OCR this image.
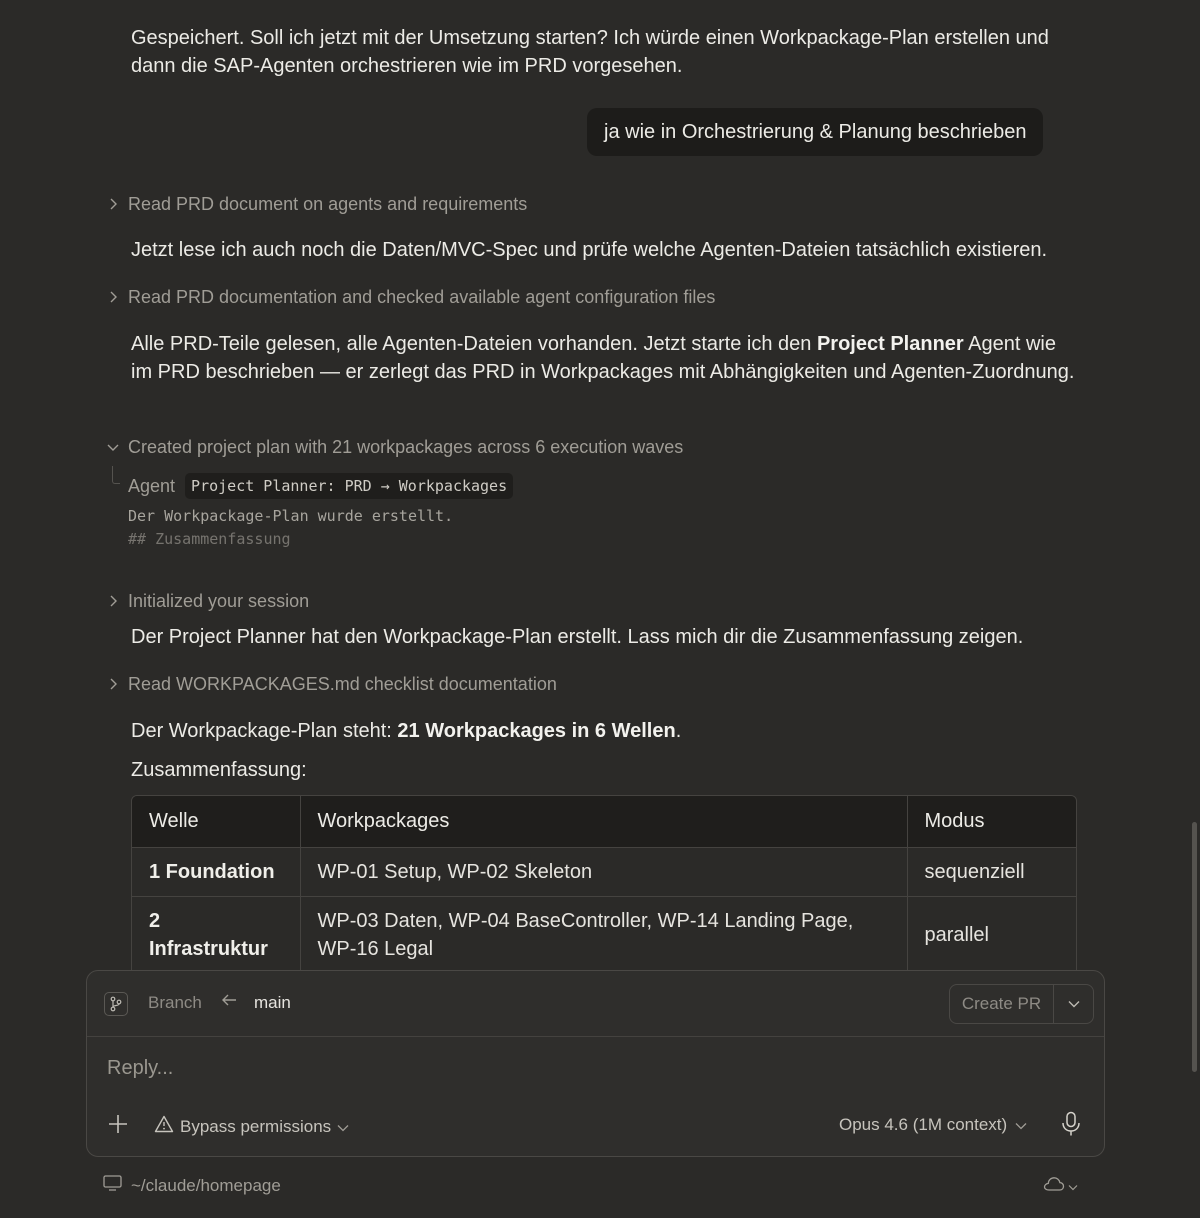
Gespeichert. Soll ich jetzt mit der Umsetzung starten? Ich würde einen Workpackage-Plan erstellen und dann die SAP-Agenten orchestrieren wie im PRD vorgesehen.
ja wie in Orchestrierung & Planung beschrieben
Read PRD document on agents and requirements
Jetzt lese ich auch noch die Daten/MVC-Spec und prüfe welche Agenten-Dateien tatsächlich existieren.
Read PRD documentation and checked available agent configuration files
Alle PRD-Teile gelesen, alle Agenten-Dateien vorhanden. Jetzt starte ich den Project Planner Agent wie im PRD beschrieben — er zerlegt das PRD in Workpackages mit Abhängigkeiten und Agenten-Zuordnung.
Created project plan with 21 workpackages across 6 execution waves
Agent	Project Planner: PRD → Workpackages
Der Workpackage-Plan wurde erstellt.
## Zusammenfassung
Initialized your session
Der Project Planner hat den Workpackage-Plan erstellt. Lass mich dir die Zusammenfassung zeigen.
Read WORKPACKAGES.md checklist documentation
Der Workpackage-Plan steht: 21 Workpackages in 6 Wellen.
Zusammenfassung:
Welle	Workpackages	Modus
1 Foundation	WP-01 Setup, WP-02 Skeleton	sequenziell
2 Infrastruktur	WP-03 Daten, WP-04 BaseController, WP-14 Landing Page, WP-16 Legal	parallel
Branch	main	Create PR
Reply...
Bypass permissions	Opus 4.6 (1M context)
~/claude/homepage
